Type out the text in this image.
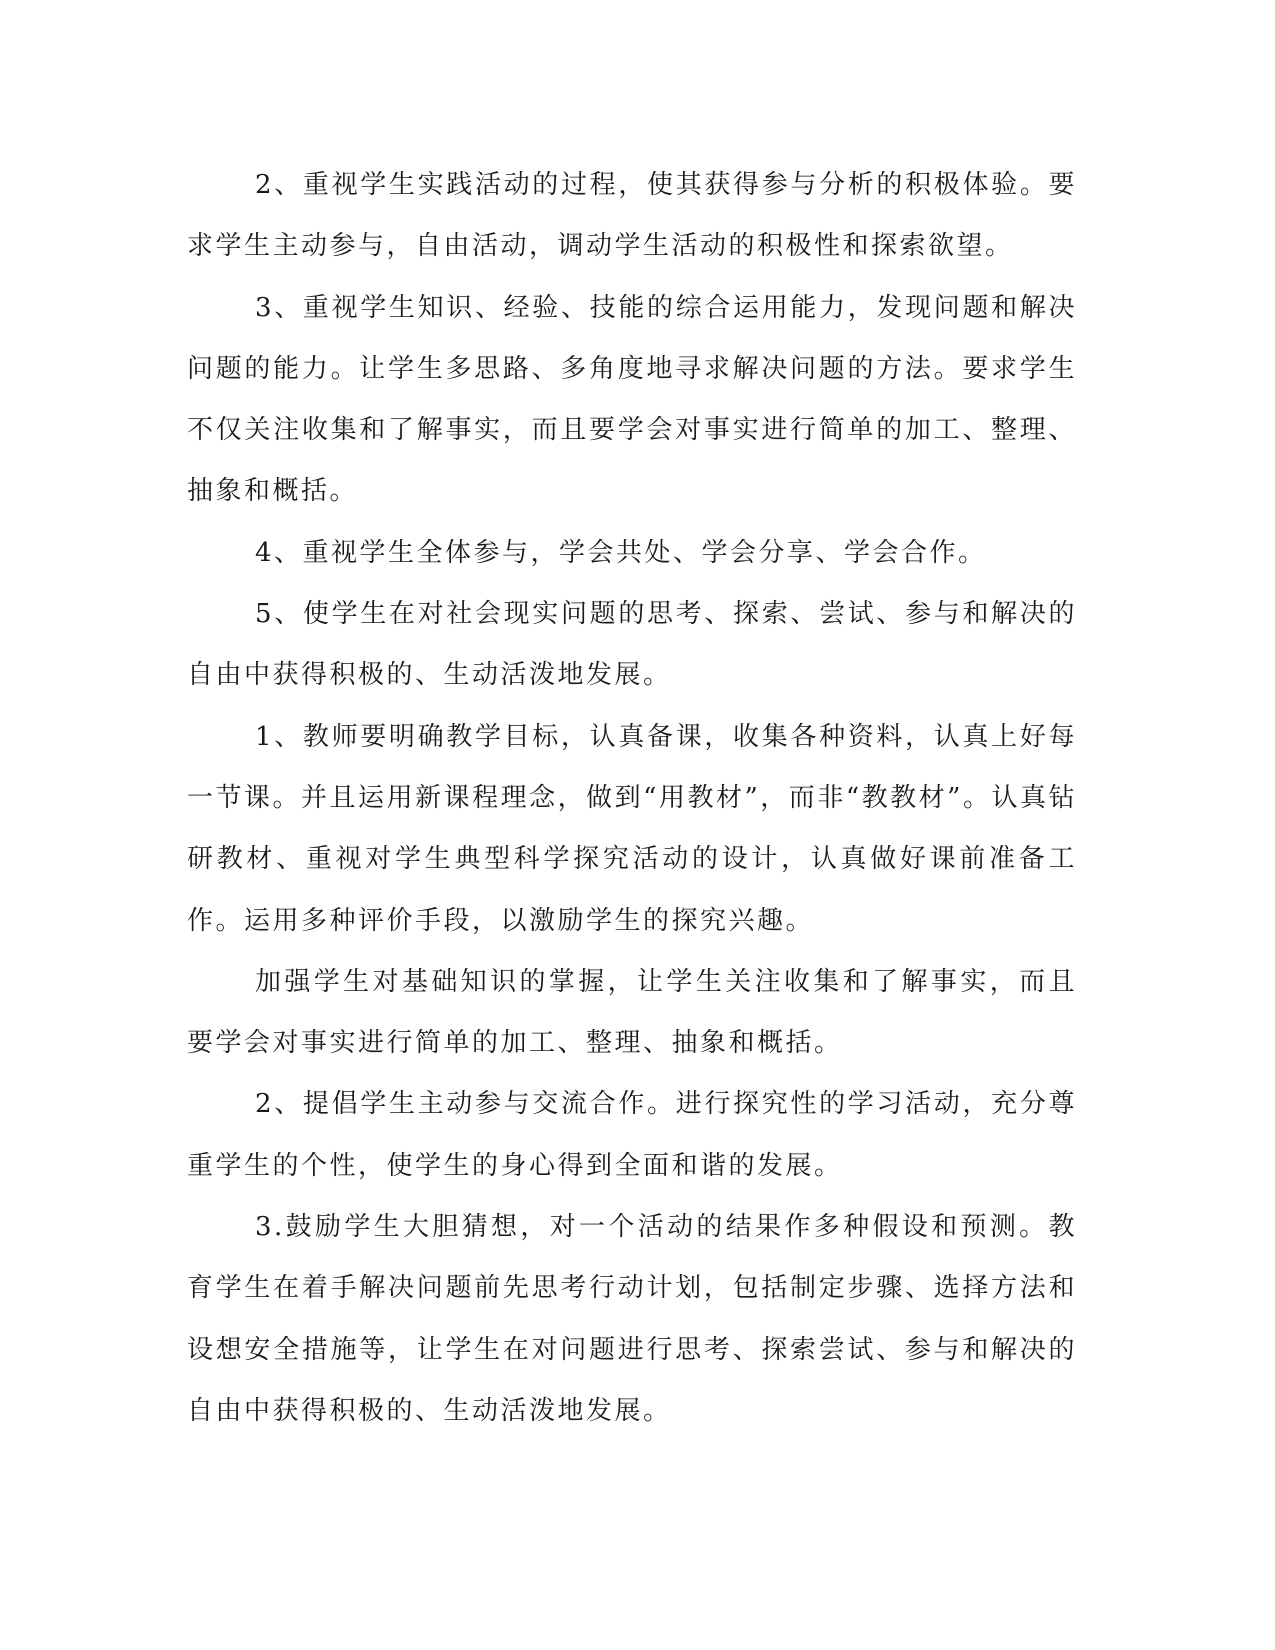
2、重视学生实践活动的过程，使其获得参与分析的积极体验。要求学生主动参与，自由活动，调动学生活动的积极性和探索欲望。

3、重视学生知识、经验、技能的综合运用能力，发现问题和解决问题的能力。让学生多思路、多角度地寻求解决问题的方法。要求学生不仅关注收集和了解事实，而且要学会对事实进行简单的加工、整理、抽象和概括。

4、重视学生全体参与，学会共处、学会分享、学会合作。

5、使学生在对社会现实问题的思考、探索、尝试、参与和解决的自由中获得积极的、生动活泼地发展。

1、教师要明确教学目标，认真备课，收集各种资料，认真上好每一节课。并且运用新课程理念，做到“用教材”，而非“教教材”。认真钻研教材、重视对学生典型科学探究活动的设计，认真做好课前准备工作。运用多种评价手段，以激励学生的探究兴趣。

加强学生对基础知识的掌握，让学生关注收集和了解事实，而且要学会对事实进行简单的加工、整理、抽象和概括。

2、提倡学生主动参与交流合作。进行探究性的学习活动，充分尊重学生的个性，使学生的身心得到全面和谐的发展。

3.鼓励学生大胆猜想，对一个活动的结果作多种假设和预测。教育学生在着手解决问题前先思考行动计划，包括制定步骤、选择方法和设想安全措施等，让学生在对问题进行思考、探索尝试、参与和解决的自由中获得积极的、生动活泼地发展。
